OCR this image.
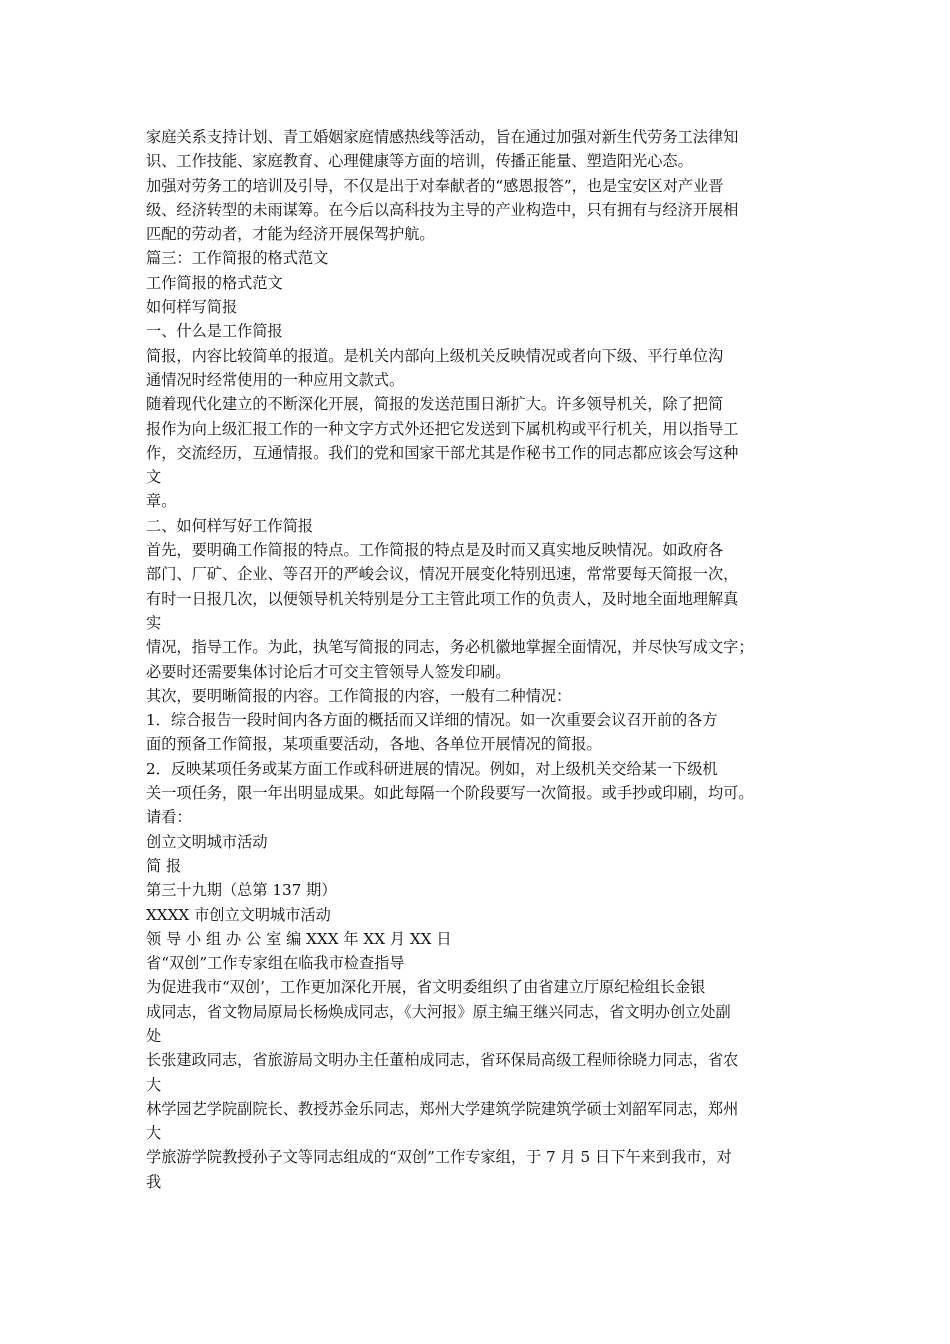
家庭关系支持计划、青工婚姻家庭情感热线等活动，旨在通过加强对新生代劳务工法律知
识、工作技能、家庭教育、心理健康等方面的培训，传播正能量、塑造阳光心态。
加强对劳务工的培训及引导，不仅是出于对奉献者的“感恩报答”，也是宝安区对产业晋
级、经济转型的未雨谋筹。在今后以高科技为主导的产业构造中，只有拥有与经济开展相
匹配的劳动者，才能为经济开展保驾护航。
篇三：工作简报的格式范文
工作简报的格式范文
如何样写简报
一、什么是工作简报
简报，内容比较简单的报道。是机关内部向上级机关反映情况或者向下级、平行单位沟
通情况时经常使用的一种应用文款式。
随着现代化建立的不断深化开展，简报的发送范围日渐扩大。许多领导机关，除了把简
报作为向上级汇报工作的一种文字方式外还把它发送到下属机构或平行机关，用以指导工
作，交流经历，互通情报。我们的党和国家干部尤其是作秘书工作的同志都应该会写这种
文
章。
二、如何样写好工作简报
首先，要明确工作简报的特点。工作简报的特点是及时而又真实地反映情况。如政府各
部门、厂矿、企业、等召开的严峻会议，情况开展变化特别迅速，常常要每天简报一次，
有时一日报几次，以便领导机关特别是分工主管此项工作的负责人，及时地全面地理解真
实
情况，指导工作。为此，执笔写简报的同志，务必机徽地掌握全面情况，并尽快写成文字；
必要时还需要集体讨论后才可交主管领导人签发印刷。
其次，要明晰简报的内容。工作简报的内容，一般有二种情况：
1．综合报告一段时间内各方面的概括而又详细的情况。如一次重要会议召开前的各方
面的预备工作简报，某项重要活动，各地、各单位开展情况的简报。
2．反映某项任务或某方面工作或科研进展的情况。例如，对上级机关交给某一下级机
关一项任务，限一年出明显成果。如此每隔一个阶段要写一次简报。或手抄或印刷，均可。
请看：
创立文明城市活动
简 报
第三十九期（总第 137 期）
XXXX 市创立文明城市活动
领 导 小 组 办 公 室 编 XXX 年 XX 月 XX 日
省“双创”工作专家组在临我市检查指导
为促进我市“双创’，工作更加深化开展，省文明委组织了由省建立厅原纪检组长金银
成同志，省文物局原局长杨焕成同志，《大河报》原主编王继兴同志，省文明办创立处副
处
长张建政同志，省旅游局文明办主任董柏成同志，省环保局高级工程师徐晓力同志，省农
大
林学园艺学院副院长、教授苏金乐同志，郑州大学建筑学院建筑学硕士刘韶军同志，郑州
大
学旅游学院教授孙子文等同志组成的“双创”工作专家组，于 7 月 5 日下午来到我市，对
我
